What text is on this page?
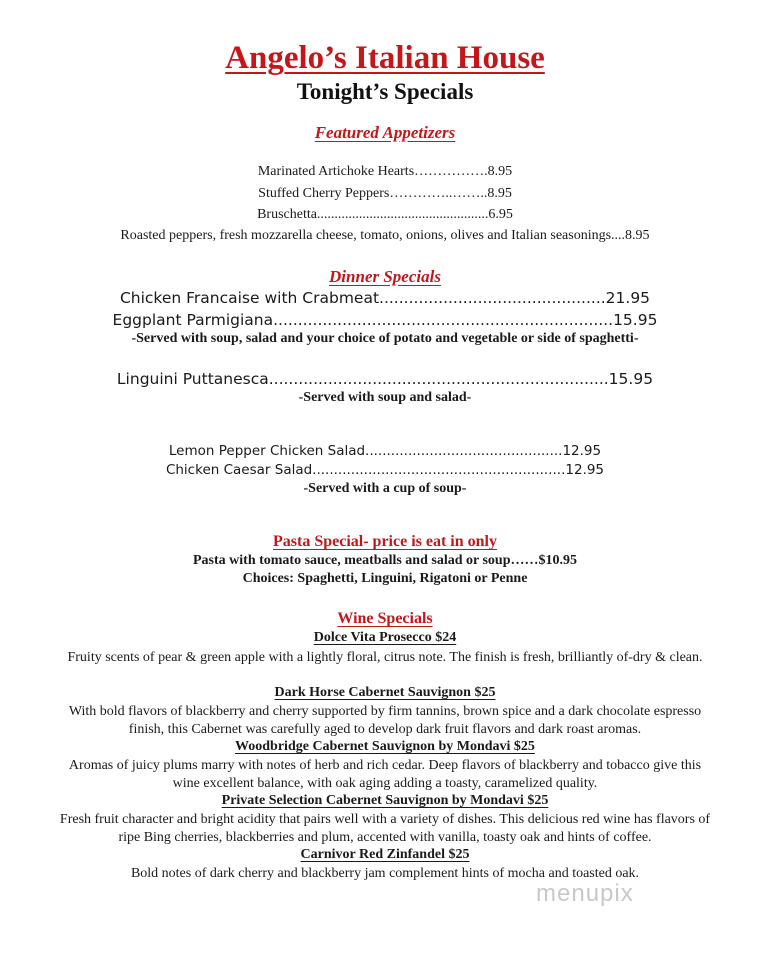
Angelo’s Italian House
Tonight’s Specials
Featured Appetizers
Marinated Artichoke Hearts…………….8.95
Stuffed Cherry Peppers…………..……..8.95
Bruschetta.................................................6.95
Roasted peppers, fresh mozzarella cheese, tomato, onions, olives and Italian seasonings....8.95
Dinner Specials
Chicken Francaise with Crabmeat..............................................21.95
Eggplant Parmigiana.....................................................................15.95
-Served with soup, salad and your choice of potato and vegetable or side of spaghetti-
Linguini Puttanesca.....................................................................15.95
-Served with soup and salad-
Lemon Pepper Chicken Salad..............................................12.95
Chicken Caesar Salad...........................................................12.95
-Served with a cup of soup-
Pasta Special- price is eat in only
Pasta with tomato sauce, meatballs and salad or soup……$10.95
Choices: Spaghetti, Linguini, Rigatoni or Penne
Wine Specials
Dolce Vita Prosecco $24
Fruity scents of pear & green apple with a lightly floral, citrus note. The finish is fresh, brilliantly of-dry & clean.
Dark Horse Cabernet Sauvignon $25
With bold flavors of blackberry and cherry supported by firm tannins, brown spice and a dark chocolate espresso finish, this Cabernet was carefully aged to develop dark fruit flavors and dark roast aromas.
Woodbridge Cabernet Sauvignon by Mondavi $25
Aromas of juicy plums marry with notes of herb and rich cedar. Deep flavors of blackberry and tobacco give this wine excellent balance, with oak aging adding a toasty, caramelized quality.
Private Selection Cabernet Sauvignon by Mondavi $25
Fresh fruit character and bright acidity that pairs well with a variety of dishes. This delicious red wine has flavors of ripe Bing cherries, blackberries and plum, accented with vanilla, toasty oak and hints of coffee.
Carnivor Red Zinfandel $25
Bold notes of dark cherry and blackberry jam complement hints of mocha and toasted oak.
menupix
